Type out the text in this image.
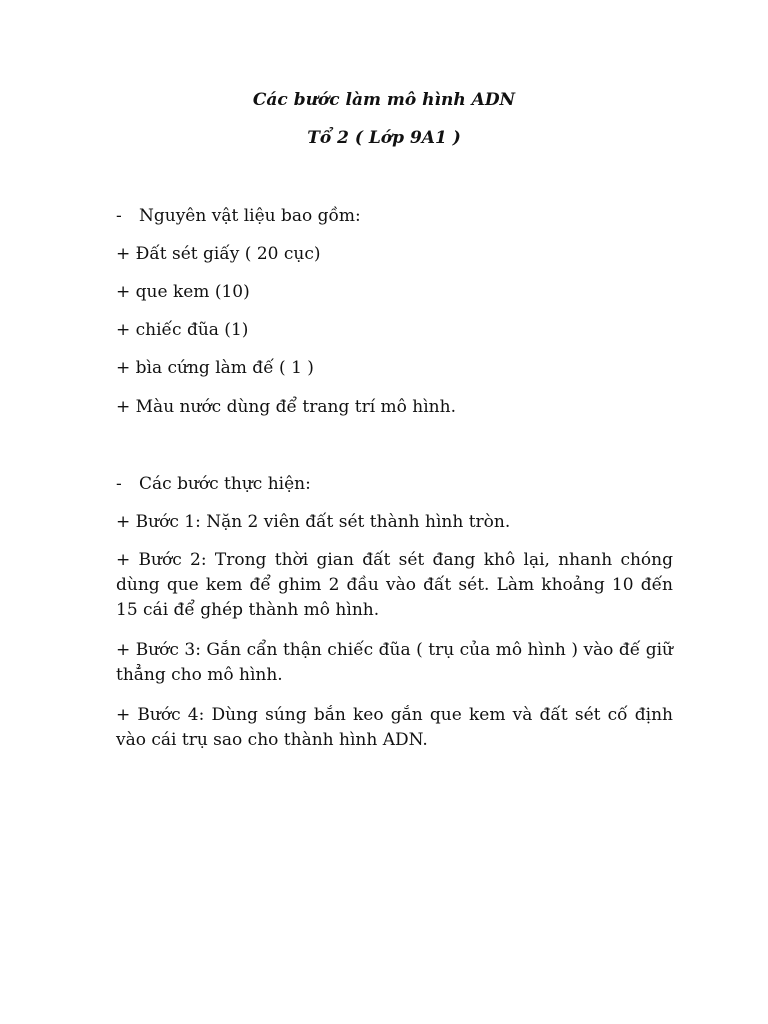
Các bước làm mô hình ADN
Tổ 2 ( Lớp 9A1 )
- Nguyên vật liệu bao gồm:
+ Đất sét giấy ( 20 cục)
+ que kem (10)
+ chiếc đũa (1)
+ bìa cứng làm đế ( 1 )
+ Màu nước dùng để trang trí mô hình.
- Các bước thực hiện:
+ Bước 1: Nặn 2 viên đất sét thành hình tròn.
+ Bước 2: Trong thời gian đất sét đang khô lại, nhanh chóng dùng que kem để ghim 2 đầu vào đất sét. Làm khoảng 10 đến 15 cái để ghép thành mô hình.
+ Bước 3: Gắn cẩn thận chiếc đũa ( trụ của mô hình ) vào đế giữ thẳng cho mô hình.
+ Bước 4: Dùng súng bắn keo gắn que kem và đất sét cố định vào cái trụ sao cho thành hình ADN.
